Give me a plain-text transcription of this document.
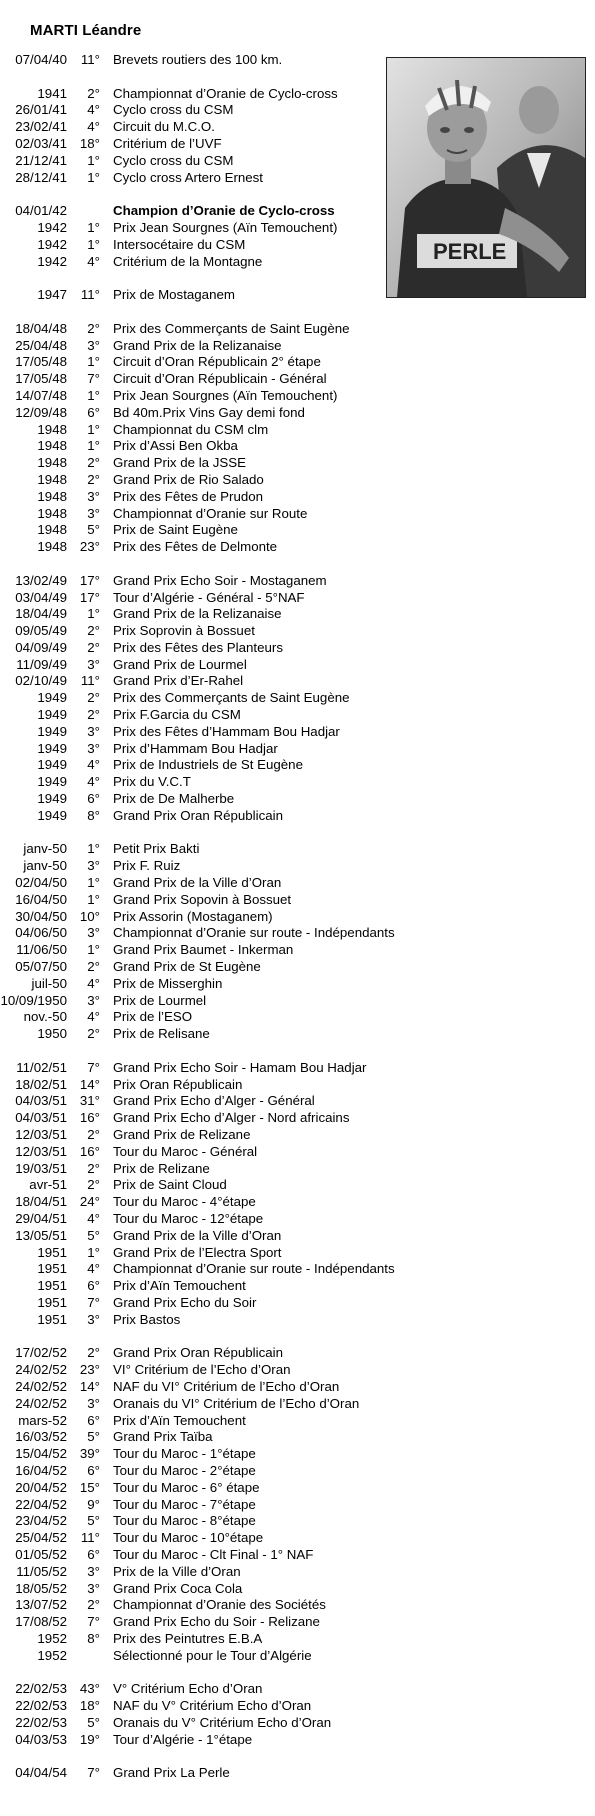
MARTI Léandre
PERLE
07/04/40	11° Brevets routiers des 100 km.
1941	2° Championnat d’Oranie de Cyclo-cross
26/01/41	4° Cyclo cross du CSM
23/02/41	4° Circuit du M.C.O.
02/03/41 18° Critérium de l’UVF
21/12/41	1° Cyclo cross du CSM
28/12/41	1° Cyclo cross Artero Ernest
04/01/42	Champion d’Oranie de Cyclo-cross
1942	1° Prix Jean Sourgnes (Aïn Temouchent)
1942	1° Intersocétaire du CSM
1942	4° Critérium de la Montagne
1947	11° Prix de Mostaganem
18/04/48	2° Prix des Commerçants de Saint Eugène
25/04/48	3° Grand Prix de la Relizanaise
17/05/48	1° Circuit d’Oran Républicain 2° étape
17/05/48	7° Circuit d’Oran Républicain - Général
14/07/48	1° Prix Jean Sourgnes (Aïn Temouchent)
12/09/48	6° Bd 40m.Prix Vins Gay demi fond
1948	1° Championnat du CSM clm
1948	1° Prix d’Assi Ben Okba
1948	2° Grand Prix de la JSSE
1948	2° Grand Prix de Rio Salado
1948	3° Prix des Fêtes de Prudon
1948	3° Championnat d’Oranie sur Route
1948	5° Prix de Saint Eugène
1948 23° Prix des Fêtes de Delmonte
13/02/49 17° Grand Prix Echo Soir - Mostaganem
03/04/49 17° Tour d’Algérie - Général - 5°NAF
18/04/49	1° Grand Prix de la Relizanaise
09/05/49	2° Prix Soprovin à Bossuet
04/09/49	2° Prix des Fêtes des Planteurs
11/09/49	3° Grand Prix de Lourmel
02/10/49	11° Grand Prix d’Er-Rahel
1949	2° Prix des Commerçants de Saint Eugène
1949	2° Prix F.Garcia du CSM
1949	3° Prix des Fêtes d’Hammam Bou Hadjar
1949	3° Prix d’Hammam Bou Hadjar
1949	4° Prix de Industriels de St Eugène
1949	4° Prix du V.C.T
1949	6° Prix de De Malherbe
1949	8° Grand Prix Oran Républicain
janv-50	1° Petit Prix Bakti
janv-50	3° Prix F. Ruiz
02/04/50	1° Grand Prix de la Ville d’Oran
16/04/50	1° Grand Prix Sopovin à Bossuet
30/04/50 10° Prix Assorin (Mostaganem)
04/06/50	3° Championnat d’Oranie sur route - Indépendants
11/06/50	1° Grand Prix Baumet - Inkerman
05/07/50	2° Grand Prix de St Eugène
juil-50	4° Prix de Misserghin
10/09/1950	3° Prix de Lourmel
nov.-50	4° Prix de l’ESO
1950	2° Prix de Relisane
11/02/51	7° Grand Prix Echo Soir - Hamam Bou Hadjar
18/02/51 14° Prix Oran Républicain
04/03/51 31° Grand Prix Echo d’Alger - Général
04/03/51 16° Grand Prix Echo d’Alger - Nord africains
12/03/51	2° Grand Prix de Relizane
12/03/51 16° Tour du Maroc - Général
19/03/51	2° Prix de Relizane
avr-51	2° Prix de Saint Cloud
18/04/51 24° Tour du Maroc - 4°étape
29/04/51	4° Tour du Maroc - 12°étape
13/05/51	5° Grand Prix de la Ville d’Oran
1951	1° Grand Prix de l’Electra Sport
1951	4° Championnat d’Oranie sur route - Indépendants
1951	6° Prix d’Aïn Temouchent
1951	7° Grand Prix Echo du Soir
1951	3° Prix Bastos
17/02/52	2° Grand Prix Oran Républicain
24/02/52 23° VI° Critérium de l’Echo d’Oran
24/02/52 14° NAF du VI° Critérium de l’Echo d’Oran
24/02/52	3° Oranais du VI° Critérium de l’Echo d’Oran
mars-52	6° Prix d’Aïn Temouchent
16/03/52	5° Grand Prix Taïba
15/04/52 39° Tour du Maroc - 1°étape
16/04/52	6° Tour du Maroc - 2°étape
20/04/52 15° Tour du Maroc - 6° étape
22/04/52	9° Tour du Maroc - 7°étape
23/04/52	5° Tour du Maroc - 8°étape
25/04/52	11° Tour du Maroc - 10°étape
01/05/52	6° Tour du Maroc - Clt Final - 1° NAF
11/05/52	3° Prix de la Ville d’Oran
18/05/52	3° Grand Prix Coca Cola
13/07/52	2° Championnat d’Oranie des Sociétés
17/08/52	7° Grand Prix Echo du Soir - Relizane
1952	8° Prix des Peintutres E.B.A
1952	Sélectionné pour le Tour d’Algérie
22/02/53 43° V° Critérium Echo d’Oran
22/02/53 18° NAF du V° Critérium Echo d’Oran
22/02/53	5° Oranais du V° Critérium Echo d’Oran
04/03/53 19° Tour d’Algérie - 1°étape
04/04/54	7° Grand Prix La Perle
